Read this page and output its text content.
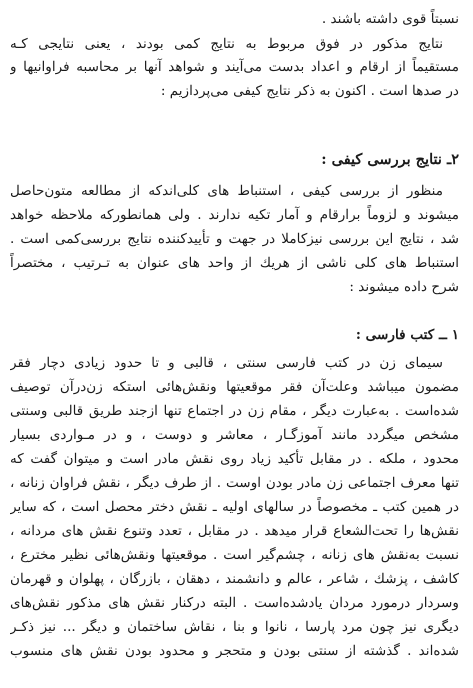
نسبتاً قوی داشته باشند .
نتایج مذکور در فوق مربوط به نتایج کمی بودند ، یعنی نتایجی کـه
مستقیماً از ارقام و اعداد بدست می‌آیند و شواهد آنها بر محاسبه فراوانیها و
در صدها است . اکنون به ذکر نتایج کیفی می‌پردازیم :
۲ـ نتایج بررسی کیفی :
منظور از بررسی کیفی ، استنباط های کلی‌اندکه از مطالعه متون‌حاصل
میشوند و لزوماً برارقام و آمار تکیه ندارند . ولی همانطورکه ملاحظه خواهد
شد ، نتایج این بررسی نیزکاملا در جهت و تأییدکننده نتایج بررسی‌کمی است .
استنباط های کلی ناشی از هریك از واحد های عنوان به تـرتیب ، مختصراً
شرح داده میشوند :
۱ ــ کتب فارسی :
سیمای زن در کتب فارسی سنتی ، قالبی و تا حدود زیادی دچار فقر
مضمون میباشد وعلت‌آن فقر موقعیتها ونقش‌هائی استکه زن‌درآن توصیف
شده‌است . به‌عبارت دیگر ، مقام زن در اجتماع تنها ازجند طریق قالبی وسنتی
مشخص میگردد مانند آموزگـار ، معاشر و دوست ، و در مـواردی بسیار
محدود ، ملکه . در مقابل تأکید زیاد روی نقش مادر است و میتوان گفت که
تنها معرف اجتماعی زن مادر بودن اوست . از طرف دیگر ، نقش فراوان زنانه ،
در همین کتب ـ مخصوصاً در سالهای اولیه ـ نقش دختر محصل است ، که سایر
نقش‌ها را تحت‌الشعاع قرار میدهد . در مقابل ، تعدد وتنوع نقش های مردانه ،
نسبت به‌نقش های زنانه ، چشم‌گیر است . موقعیتها ونقش‌هائی نظیر مخترع ،
کاشف ، پزشك ، شاعر ، عالم و دانشمند ، دهقان ، بازرگان ، پهلوان و قهرمان
وسردار درمورد مردان یادشده‌است . البته درکنار نقش های مذکور نقش‌های
دیگری نیز چون مرد پارسا ، نانوا و بنا ، نقاش ساختمان و دیگر ... نیز ذکـر
شده‌اند . گذشته از سنتی بودن و متحجر و محدود بودن نقش های منسوب
